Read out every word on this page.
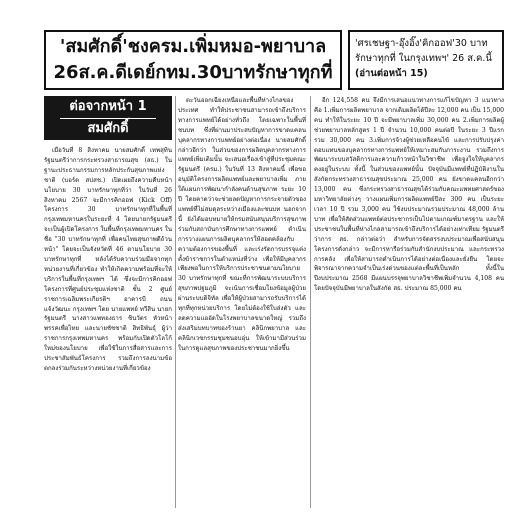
'สมศักดิ์'ชงครม.เพิ่มหมอ-พยาบาล
26ส.ค.ดีเดย์กทม.30บาทรักษาทุกที่
'ศรเชษฐา-อุ๊งอิ๊ง'คิกออฟ'30 บาทรักษาทุกที่ ในกรุงเทพฯ' 26 ส.ค.นี้ (อ่านต่อหน้า 15)
ต่อจากหน้า 1
สมศักดิ์

เมื่อวันที่ 8 สิงหาคม นายสมศักดิ์ เทพสุทิน รัฐมนตรีว่าการกระทรวงสาธารณสุข (สธ.) ในฐานะประธานกรรมการหลักประกันสุขภาพแห่งชาติ (บอร์ด สปสช.) เปิดเผยถึงความคืบหน้านโยบาย 30 บาทรักษาทุกที่ว่า ในวันที่ 26 สิงหาคม 2567 จะมีการคิกออฟ (Kick Off) โครงการ 30 บาทรักษาทุกที่ในพื้นที่กรุงเทพมหานครในระยะที่ 4 โดยนายกรัฐมนตรีจะเป็นผู้เปิดโครงการ ในพื้นที่กรุงเทพมหานคร ในชื่อ "30 บาทรักษาทุกที่ เพื่อคนไทยสุขภาพดีถ้วนหน้า" โดยจะเป็นจังหวัดที่ 46 ตามนโยบาย 30 บาทรักษาทุกที่ หลังได้รับความร่วมมือจากทุกหน่วยงานที่เกี่ยวข้อง ทำให้เกิดความพร้อมที่จะให้บริการในพื้นที่กรุงเทพฯ ได้ ซึ่งจะมีการคิกออฟโครงการที่ศูนย์ประชุมแห่งชาติ ชั้น 2 ศูนย์ราชการเฉลิมพระเกียรติฯ อาคารบี ถนนแจ้งวัฒนะ กรุงเทพฯ โดย นายแพทย์ ทวีสิน นายกรัฐมนตรี นางสาวแพทองธาร ชินวัตร หัวหน้าพรรคเพื่อไทย และนายชัชชาติ สิทธิพันธุ์ ผู้ว่าราชการกรุงเทพมหานคร พร้อมกับเปิดตัวโลโก้ใหม่ของนโยบาย เพื่อใช้ในการสื่อสารและการประชาสัมพันธ์โครงการ รวมถึงการลงนามข้อตกลงร่วมกันระหว่างหน่วยงานที่เกี่ยวข้อง

ตะวันออกเฉียงเหนือและพื้นที่ห่างไกลของประเทศ ทำให้ประชาชนสามารถเข้าถึงบริการทางการแพทย์ได้อย่างทั่วถึง โดยเฉพาะในพื้นที่ชนบท ซึ่งที่ผ่านมาประสบปัญหาการขาดแคลนบุคลากรทางการแพทย์อย่างต่อเนื่อง นายสมศักดิ์ กล่าวอีกว่า ในส่วนของการผลิตบุคลากรทางการแพทย์เพิ่มเติมนั้น จะเสนอเรื่องเข้าสู่ที่ประชุมคณะรัฐมนตรี (ครม.) ในวันที่ 13 สิงหาคมนี้ เพื่อขออนุมัติโครงการผลิตแพทย์และพยาบาลเพิ่ม ภายใต้แผนการพัฒนากำลังคนด้านสุขภาพ ระยะ 10 ปี โดยคาดว่าจะช่วยลดปัญหาการกระจายตัวของแพทย์ที่ไม่สมดุลระหว่างเมืองและชนบท นอกจากนี้ ยังได้มอบหมายให้กรมสนับสนุนบริการสุขภาพ ร่วมกับสถาบันการศึกษาทางการแพทย์ ดำเนินการวางแผนการผลิตบุคลากรให้สอดคล้องกับความต้องการของพื้นที่ และเร่งรัดการบรรจุแต่งตั้งข้าราชการในตำแหน่งที่ว่าง เพื่อให้มีบุคลากรเพียงพอในการให้บริการประชาชนตามนโยบาย 30 บาทรักษาทุกที่ ขณะที่การพัฒนาระบบบริการสุขภาพปฐมภูมิ จะเน้นการเชื่อมโยงข้อมูลผู้ป่วยผ่านระบบดิจิทัล เพื่อให้ผู้ป่วยสามารถรับบริการได้ทุกที่ทุกหน่วยบริการ โดยไม่ต้องใช้ใบส่งตัว และลดความแออัดในโรงพยาบาลขนาดใหญ่ รวมถึงส่งเสริมบทบาทของร้านยา คลินิกพยาบาล และคลินิกเวชกรรมชุมชนอบอุ่น ให้เข้ามามีส่วนร่วมในการดูแลสุขภาพของประชาชนมากยิ่งขึ้น

อีก 124,558 คน จึงมีการเสนอแนวทางการแก้ไขปัญหา 3 แนวทาง คือ 1.เพิ่มการผลิตพยาบาล จากเดิมผลิตได้ปีละ 12,000 คน เป็น 15,000 คน ทำให้ในระยะ 10 ปี จะมีพยาบาลเพิ่ม 30,000 คน 2.เพิ่มการผลิตผู้ช่วยพยาบาลหลักสูตร 1 ปี จำนวน 10,000 คนต่อปี ในระยะ 3 ปีแรก รวม 30,000 คน 3.เพิ่มการจ้างผู้ช่วยเหลือคนไข้ และการปรับปรุงค่าตอบแทนของบุคลากรทางการแพทย์ให้เหมาะสมกับภาระงาน รวมถึงการพัฒนาระบบสวัสดิการและความก้าวหน้าในวิชาชีพ เพื่อจูงใจให้บุคลากรคงอยู่ในระบบ ทั้งนี้ ในส่วนของแพทย์นั้น ปัจจุบันมีแพทย์ที่ปฏิบัติงานในสังกัดกระทรวงสาธารณสุขประมาณ 25,000 คน ยังขาดแคลนอีกกว่า 13,000 คน ซึ่งกระทรวงสาธารณสุขได้ร่วมกับคณะแพทยศาสตร์ของมหาวิทยาลัยต่างๆ วางแผนเพิ่มการผลิตแพทย์ปีละ 300 คน เป็นระยะเวลา 10 ปี รวม 3,000 คน ใช้งบประมาณรวมประมาณ 48,000 ล้านบาท เพื่อให้สัดส่วนแพทย์ต่อประชากรเป็นไปตามเกณฑ์มาตรฐาน และให้ประชาชนในพื้นที่ห่างไกลสามารถเข้าถึงบริการได้อย่างเท่าเทียม รัฐมนตรีว่าการ สธ. กล่าวต่อว่า สำหรับการจัดสรรงบประมาณเพื่อสนับสนุนโครงการดังกล่าว จะมีการหารือร่วมกับสำนักงบประมาณ และกระทรวงการคลัง เพื่อให้สามารถดำเนินการได้อย่างต่อเนื่องและยั่งยืน โดยจะพิจารณาจากความจำเป็นเร่งด่วนของแต่ละพื้นที่เป็นหลัก ทั้งนี้ในปีงบประมาณ 2568 มีแผนบรรจุพยาบาลวิชาชีพเพิ่มจำนวน 4,108 คน โดยปัจจุบันมีพยาบาลในสังกัด สธ. ประมาณ 85,000 คน
